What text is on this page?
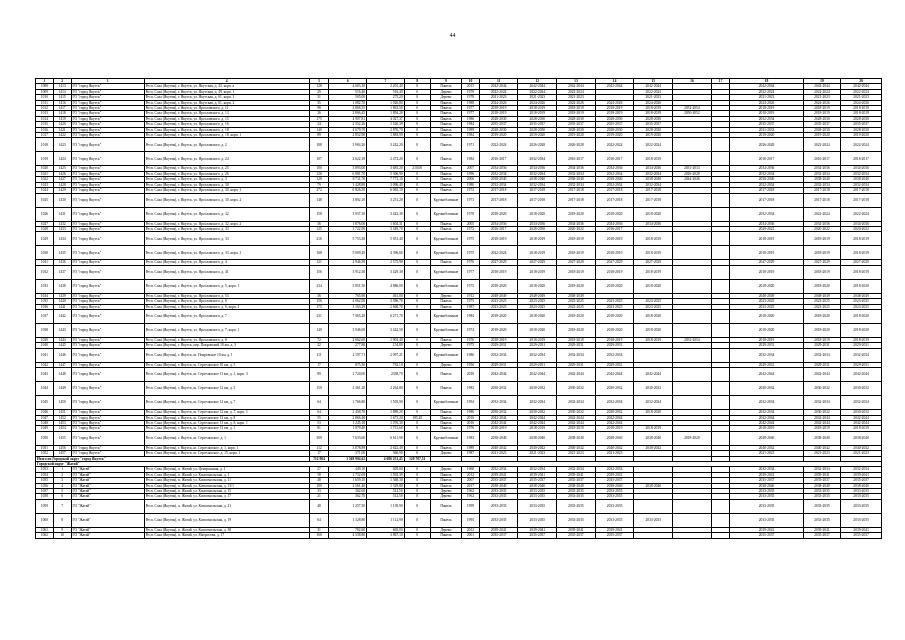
44
1	2	3	4	5	6	7	8	9	10	11	12	13	14	15	16	17	18	19	20
1008	1413	ГО "город Якутск"	Респ. Саха (Якутия), г. Якутск, ул. Якутская, д. 43, корп. а	128	4 603,10	2 201,40	0	Панель	2015	2042-2044	2042-2044	2042-2044	2042-2044	2042-2044			2042-2044	2042-2044	2042-2044
1009	1414	ГО "город Якутск"	Респ. Саха (Якутия), г. Якутск, ул. Якутская, д. 49, корп. 1	29	516,40	516,40	0	Дерево	1978	2022-2024	2022-2024	2022-2024		2022-2024			2022-2024	2022-2024	2022-2024
1010	1415	ГО "город Якутск"	Респ. Саха (Якутия), г. Якутск, ул. Якутская, д. 61, корп. 1	31	565,00	275,20	0	Дерево	1978	2021-2023	2021-2023	2021-2023		2021-2023			2021-2023	2021-2023	2021-2023
1011	1416	ГО "город Якутск"	Респ. Саха (Якутия), г. Якутск, ул. Якутская, д. 61, корп. 2	35	1 082,70	1 026,80	0	Панель	1988	2024-2026	2024-2026	2024-2026	2024-2026	2024-2026			2024-2026	2024-2026	2024-2026
1012	1417	ГО "город Якутск"	Респ. Саха (Якутия), г. Якутск, ул. Ярославского, д. 11	98	2 866,55	1 863,50	0	Панель	1977	2018-2019	2018-2019	2018-2019	2018-2019	2018-2019	2052-2054		2018-2019	2018-2019	2018-2019
1013	1418	ГО "город Якутск"	Респ. Саха (Якутия), г. Якутск, ул. Ярославского, д. 13	26	2 866,45	1 894,20	0	Панель	1977	2018-2019	2018-2019	2018-2019	2018-2019	2018-2019	2050-2052		2018-2019	2018-2019	2018-2019
1014	1419	ГО "город Якутск"	Респ. Саха (Якутия), г. Якутск, ул. Ярославского, д. 15	175	4 907,81	4 027,37	0	Панель	1986	2028-2030	2028-2030	2028-2030	2028-2030	2028-2030			2032-2034	2028-2030	2028-2030
1015	1420	ГО "город Якутск"	Респ. Саха (Якутия), г. Якутск, ул. Ярославского, д. 16	24	2 352,26	1 526,39	0	Панель	1984	2035-2037	2035-2037	2035-2037	2035-2037	2035-2037			2035-2037	2035-2037	2035-2037
1016	1421	ГО "город Якутск"	Респ. Саха (Якутия), г. Якутск, ул. Ярославского, д. 18	140	4 679,70	2 876,70	0	Панель	1989	2028-2030	2028-2030	2028-2030	2028-2030	2028-2030			2031-2033	2028-2030	2028-2030
1017	1422	ГО "город Якутск"	Респ. Саха (Якутия), г. Якутск, ул. Ярославского, д. 18, корп. 1	89	2 852,98	1 883,99	0	Панель	1984	2019-2020	2019-2020	2019-2020	2019-2020	2019-2020			2019-2020	2019-2020	2019-2020
1018	1423	ГО "город Якутск"	Респ. Саха (Якутия), г. Якутск, ул. Ярославского, д. 2	108	3 984,20	3 242,20	0	Панель	1971	2022-2024	2026-2028	2026-2028	2022-2024	2022-2024			2026-2028	2022-2024	2022-2024
1019	1424	ГО "город Якутск"	Респ. Саха (Якутия), г. Якутск, ул. Ярославского, д. 24	107	2 622,18	2 472,20	0	Панель	1984	2016-2017	2032-2034	2016-2017	2016-2017	2018-2019			2016-2017	2016-2017	2016-2017
1020	1425	ГО "город Якутск"	Респ. Саха (Якутия), г. Якутск, ул. Ярославского, д. 25	100	3 893,00	3 683,20	210,00	Панель	2007	2034-2036	2034-2036	2034-2036	2034-2036	2034-2036	2031-2033		2034-2036	2034-2036	2034-2036
1021	1426	ГО "город Якутск"	Респ. Саха (Якутия), г. Якутск, ул. Ярославского, д. 26	126	6 981,70	5 306,90	0	Панель	1996	2032-2034	2032-2034	2032-2034	2032-2034	2032-2034	2026-2028		2032-2034	2032-2034	2032-2034
1022	1427	ГО "город Якутск"	Респ. Саха (Якутия), г. Якутск, ул. Ярославского, д. 3	128	8 711,70	7 773,10	0	Панель	2006	2038-2040	2038-2040	2038-2040	2038-2040	2038-2040	2044-2046		2038-2040	2038-2040	2038-2040
1023	1428	ГО "город Якутск"	Респ. Саха (Якутия), г. Якутск, ул. Ярославского, д. 30	79	3 428,80	3 096,40	0	Панель	1980	2032-2034	2032-2034	2032-2034	2032-2034	2032-2034			2032-2034	2032-2034	2032-2034
1024	1429	ГО "город Якутск"	Респ. Саха (Якутия), г. Якутск, ул. Ярославского, д. 30, корп. 1	272	6 826,50	6 065,10	0	Панель	1972	2017-2018	2017-2018	2017-2018	2017-2018	2017-2018			2017-2018	2017-2018	2017-2018
1025	1430	ГО "город Якутск"	Респ. Саха (Якутия), г. Якутск, ул. Ярославского, д. 30, корп. 2	148	3 892,10	3 251,20	0	Крупноблочные	1973	2017-2018	2017-2018	2017-2018	2017-2018	2017-2018			2017-2018	2017-2018	2017-2018
1026	1431	ГО "город Якутск"	Респ. Саха (Якутия), г. Якутск, ул. Ярославского, д. 32	158	3 937,30	3 442,30	0	Крупноблочные	1978	2018-2020	2018-2020	2018-2020	2018-2020	2018-2020			2032-2034	2022-2024	2022-2024
1027	1432	ГО "город Якутск"	Респ. Саха (Якутия), г. Якутск, ул. Ярославского, д. 32, корп. 2	36	1 876,06	1 604,31	0	Панель	2005	2034-2036	2034-2036	2034-2036	2034-2036	2034-2036			2034-2036	2034-2036	2034-2036
1028	1433	ГО "город Якутск"	Респ. Саха (Якутия), г. Якутск, ул. Ярославского, д. 33	125	3 722,90	3 349,70	0	Панель	1972	2016-2017	2028-2030	2020-2022	2016-2017				2020-2022	2020-2022	2020-2022
1029	1434	ГО "город Якутск"	Респ. Саха (Якутия), г. Якутск, ул. Ярославского, д. 33	216	5 753,30	5 051,40	0	Крупноблочные	1975	2018-2019	2018-2019	2018-2019	2018-2019	2018-2019			2018-2019	2018-2019	2018-2019
1030	1435	ГО "город Якутск"	Респ. Саха (Якутия), г. Якутск, ул. Ярославского, д. 33, корп. 1	168	5 009,20	4 396,60	0	Крупноблочные	1975	2022-2024	2018-2019	2018-2019	2018-2019	2018-2019			2018-2019	2018-2019	2018-2019
1031	1436	ГО "город Якутск"	Респ. Саха (Якутия), г. Якутск, ул. Ярославского, д. 4	121	2 946,58	2 575,98	0	Панель	1976	2027-2029	2027-2029	2027-2029	2027-2029	2027-2029			2027-2029	2027-2029	2027-2029
1032	1437	ГО "город Якутск"	Респ. Саха (Якутия), г. Якутск, ул. Ярославского, д. 41	156	3 912,50	3 429,30	0	Крупноблочные	1977	2018-2019	2018-2019	2018-2019	2018-2019	2018-2019			2018-2019	2018-2019	2018-2019
1033	1438	ГО "город Якутск"	Респ. Саха (Якутия), г. Якутск, ул. Ярославского, д. 5, корп. 1	234	5 851,50	4 886,00	0	Крупноблочные	1975	2018-2020	2018-2020	2018-2020	2018-2020	2018-2020			2018-2020	2018-2020	2018-2020
1034	1439	ГО "город Якутск"	Респ. Саха (Якутия), г. Якутск, ул. Ярославского, д. 53	36	765,90	461,00	0	Дерево	1912	2048-2049	2048-2049	2048-2049					2048-2049	2048-2049	2048-2049
1035	1440	ГО "город Якутск"	Респ. Саха (Якутия), г. Якутск, ул. Ярославского, д. 6	156	4 062,90	3 386,70	0	Панель	1975	2023-2025	2023-2025	2023-2025	2023-2025	2023-2025			2023-2025	2023-2025	2023-2025
1036	1441	ГО "город Якутск"	Респ. Саха (Якутия), г. Якутск, ул. Ярославского, д. 6, корп. 2	175	3 163,29	2 660,70	0	Панель	1987	2023-2025	2023-2025	2023-2025	2023-2025	2023-2025			2023-2025	2023-2025	2023-2025
1037	1442	ГО "город Якутск"	Респ. Саха (Якутия), г. Якутск, ул. Ярославского, д. 7	231	7 065,20	6 271,70	0	Крупноблочные	1984	2018-2020	2018-2020	2018-2020	2018-2020	2018-2020			2018-2020	2018-2020	2018-2020
1038	1443	ГО "город Якутск"	Респ. Саха (Якутия), г. Якутск, ул. Ярославского, д. 7, корп. 1	140	3 946,00	3 442,50	0	Крупноблочные	1974	2018-2020	2018-2020	2018-2020	2018-2020	2018-2020			2018-2020	2018-2020	2018-2020
1039	1444	ГО "город Якутск"	Респ. Саха (Якутия), г. Якутск, ул. Ярославского, д. 8	72	2 062,60	1 903,40	0	Панель	1976	2018-2019	2018-2019	2018-2019	2018-2019	2018-2019	2052-2054		2018-2019	2018-2019	2018-2019
1040	1445	ГО "город Якутск"	Респ. Саха (Якутия), г. Якутск, пер. Покровский 10 км, д. 3	22	277,80	154,80	0	Дерево	1975	2029-2031	2029-2031	2029-2031	2029-2031				2029-2031	2029-2031	2029-2031
1041	1446	ГО "город Якутск"	Респ. Саха (Якутия), г. Якутск, ш. Покровское 10 км, д. 1	111	2 197,71	2 097,21	0	Крупноблочные	1986	2032-2034	2032-2034	2032-2034	2032-2034				2032-2034	2032-2034	2032-2034
1042	1447	ГО "город Якутск"	Респ. Саха (Якутия), г. Якутск, ш. Сергеляхское 10 км, д. 5	17	875,30	762,10	0	Дерево	1956	2029-2031	2029-2031	2029-2031	2029-2031				2029-2031	2029-2031	2029-2031
1043	1448	ГО "город Якутск"	Респ. Саха (Якутия), г. Якутск, ш. Сергеляхское 11 км, д. 1, корп. 3	89	2 720,00	2338,70	0	Панель	2018	2042-2044	2042-2044	2042-2044	2042-2044	2042-2044			2042-2044	2042-2044	2042-2044
1044	1449	ГО "город Якутск"	Респ. Саха (Якутия), г. Якутск, ш. Сергеляхское 12 км, д. 5	150	2 361,20	2 264,80	0	Панель	1983	2030-2032	2030-2032	2030-2032	2030-2032	2030-2032			2030-2032	2030-2032	2030-2032
1045	1450	ГО "город Якутск"	Респ. Саха (Якутия), г. Якутск, ш. Сергеляхское 12 км, д. 7	64	1 766,80	1 505,90	0	Крупноблочные	1994	2032-2034	2032-2034	2032-2034	2032-2034	2032-2034			2032-2034	2032-2034	2032-2034
1046	1451	ГО "город Якутск"	Респ. Саха (Якутия), г. Якутск, ш. Сергеляхское 12 км, д. 7, корп. 1	64	2 458,70	1 889,20	0	Панель	1986	2030-2032	2030-2032	2030-2032	2030-2032	2018-2020			2032-2034	2030-2032	2030-2032
1047	1452	ГО "город Якутск"	Респ. Саха (Якутия), г. Якутск, ш. Сергеляхское 13 км, д. 8	55	2 866,48	1 673,20	185,20	Панель	2016	2042-2044	2042-2044	2042-2044	2042-2044				2042-2044	2042-2044	2042-2044
1048	1453	ГО "город Якутск"	Респ. Саха (Якутия), г. Якутск, ш. Сергеляхское 13 км, д. 8, корп. 1	53	1 245,18	1 076,30	0	Панель	2016	2042-2044	2042-2044	2042-2044	2042-2044				2042-2044	2042-2044	2042-2044
1049	1454	ГО "город Якутск"	Респ. Саха (Якутия), г. Якутск, ш. Сергеляхское 13 км, д. 1	81	1 879,40	1 731,60	0	Панель	1976	2018-2019	2018-2019	2018-2019	2018-2019	2018-2019			2018-2019	2018-2019	2018-2019
1050	1455	ГО "город Якутск"	Респ. Саха (Якутия), г. Якутск, ш. Сергеляхское, д. 1	309	7 633,60	6 611,90	0	Крупноблочные	1983	2038-2040	2038-2040	2038-2040	2038-2040	2038-2040	2018-2020		2038-2040	2038-2040	2038-2040
1051	1456	ГО "город Якутск"	Респ. Саха (Якутия), г. Якутск, ш. Сергеляхское, д. 1, корп. 1	112	3 078,89	2 622,49	0	Панель	1989	2040-2042	2040-2042	2040-2042	2040-2042	2040-2042			2040-2042	2040-2042	2040-2042
1052	1457	ГО "город Якутск"	Респ. Саха (Якутия), г. Якутск, ш. Сергеляхское, д. 15, корп. 1	17	371,00	366,90	0	Дерево	1987	2021-2023	2021-2023	2021-2023	2021-2023				2021-2023	2021-2023	2021-2023
Итого по Городской округ "город Якутск"				712 904	3 569 904,62	4 686 251,45	120 707,51												
Городской округ "Жатай"																			
1053	1	ГО "Жатай"	Респ. Саха (Якутия), п. Жатай, ул. Центральная, д. 1	27	449,10	405,00	0	Дерево	1960	2032-2034	2032-2034	2032-2034	2032-2034				2032-2034	2032-2034	2032-2034
1054	2	ГО "Жатай"	Респ. Саха (Якутия), п. Жатай, ул. Комсомольская, д. 1	58	1 752,69	1 592,39	0	Панель	2012	2039-2041	2039-2041	2039-2041	2039-2041				2039-2041	2039-2041	2039-2041
1055	3	ГО "Жатай"	Респ. Саха (Якутия), п. Жатай, ул. Комсомольская, д. 11	48	1 659,10	1 368,30	0	Панель	2007	2035-2037	2035-2037	2035-2037	2035-2037				2035-2037	2035-2037	2035-2037
1056	4	ГО "Жатай"	Респ. Саха (Якутия), п. Жатай, ул. Комсомольская, д. 13/1	100	2 561,40	1 329,80	0	Панель	2017	2038-2040	2038-2040	2038-2040	2038-2040	2038-2040			2038-2040	2038-2040	2038-2040
1057	5	ГО "Жатай"	Респ. Саха (Якутия), п. Жатай, ул. Комсомольская, д. 15	33	362,60	312,50	0	Дерево	1962	2033-2035	2033-2035	2033-2035	2033-2035				2033-2035	2033-2035	2033-2035
1058	6	ГО "Жатай"	Респ. Саха (Якутия), п. Жатай, ул. Комсомольская, д. 17	21	362,70	312,50	0	Дерево	1962	2033-2035	2033-2035	2033-2035	2033-2035				2033-2035	2033-2035	2033-2035
1059	7	ГО "Жатай"	Респ. Саха (Якутия), п. Жатай, ул. Комсомольская, д. 21	48	1 257,50	1 139,90	0	Панель	1999	2033-2035	2033-2035	2033-2035	2033-2035				2033-2035	2033-2035	2033-2035
1060	8	ГО "Жатай"	Респ. Саха (Якутия), п. Жатай, ул. Комсомольская, д. 19	64	1 328,80	1 112,90	0	Панель	1995	2033-2035	2033-2035	2033-2035	2033-2035	2033-2035			2033-2035	2033-2035	2033-2035
1061	9	ГО "Жатай"	Респ. Саха (Якутия), п. Жатай, ул. Комсомольская, д. 38	31	782,60	665,00	0	Дерево	2012	2039-2041	2039-2041	2039-2041	2039-2041				2039-2041	2039-2041	2039-2041
1062	10	ГО "Жатай"	Респ. Саха (Якутия), п. Жатай, ул. Матросова, д. 17	160	4 338,80	3 867,10	0	Панель	2001	2035-2037	2035-2037	2035-2037	2035-2037				2035-2037	2035-2037	2035-2037
